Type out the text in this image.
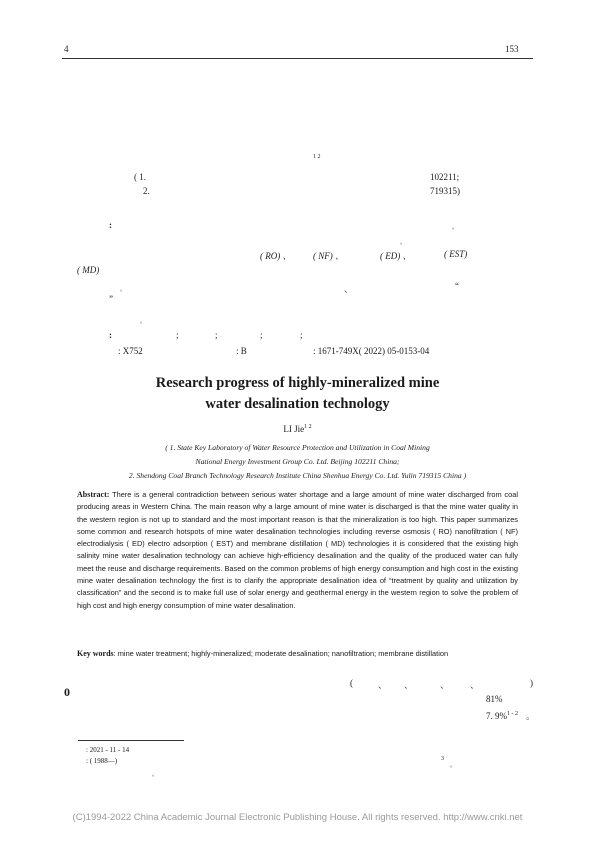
4	153
1 2
( 1.	102211;
2.	719315)
:	。
。
( RO) 、 ( NF) 、	( ED) 、	( EST)
( MD)
。	、	“
”
。
:	;	;	;	;
: X752	: B	: 1671-749X( 2022) 05-0153-04
Research progress of highly-mineralized mine
water desalination technology
LI Jie$^{1 2}$
( 1. State Key Laboratory of Water Resource Protection and Utilization in Coal Mining
National Energy Investment Group Co. Ltd. Beijing 102211 China;
2. Shendong Coal Branch Technology Research Institute China Shenhua Energy Co. Ltd. Yulin 719315 China )
Abstract: There is a general contradiction between serious water shortage and a large amount of mine water discharged from coal producing areas in Western China. The main reason why a large amount of mine water is discharged is that the mine water quality in the western region is not up to standard and the most important reason is that the mineralization is too high. This paper summarizes some common and research hotspots of mine water desalination technologies including reverse osmosis ( RO) nanofiltration ( NF) electrodialysis ( ED) electro adsorption ( EST) and membrane distillation ( MD) technologies it is considered that the existing high salinity mine water desalination technology can achieve high-efficiency desalination and the quality of the produced water can fully meet the reuse and discharge requirements. Based on the common problems of high energy consumption and high cost in the existing mine water desalination technology the first is to clarify the appropriate desalination idea of “treatment by quality and utilization by classification” and the second is to make full use of solar energy and geothermal energy in the western region to solve the problem of high cost and high energy consumption of mine water desalination.
Key words: mine water treatment; highly-mineralized; moderate desalination; nanofiltration; membrane distillation
0
(	、 、	、 、	)
81%
7. 9%$^{1 - 2}$ 。
: 2021 - 11 - 14
: ( 1988—)
。
3
。
(C)1994-2022 China Academic Journal Electronic Publishing House. All rights reserved. http://www.cnki.net
